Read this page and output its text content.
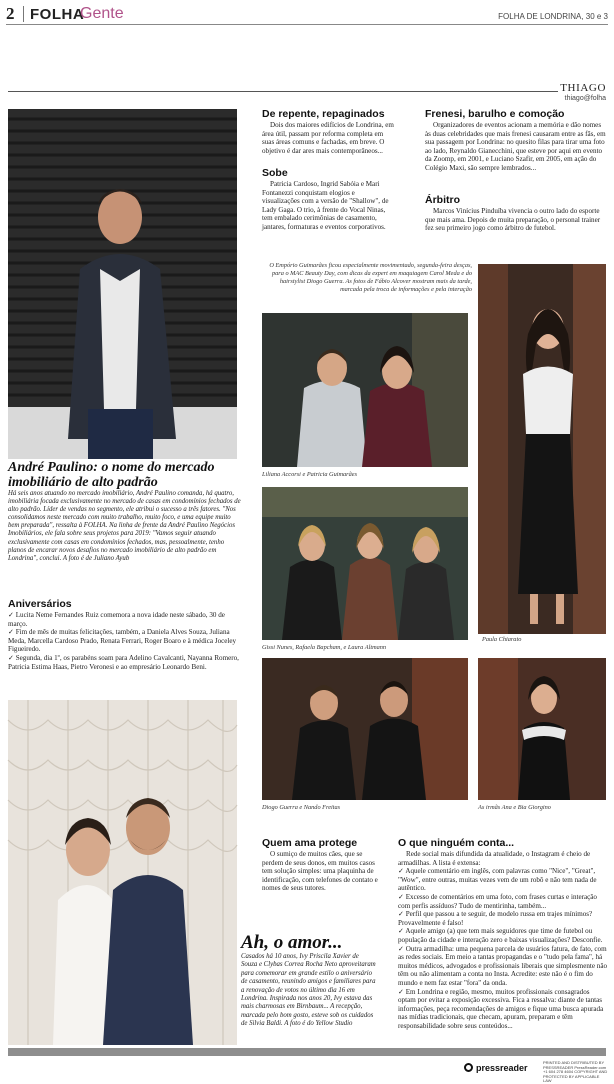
2 FOLHA
Gente	FOLHA DE LONDRINA, 30 e 3
THIAGO
thiago@folha
André Paulino: o nome do mercado imobiliário de alto padrão
Há seis anos atuando no mercado imobiliário, André Paulino comanda, há quatro, imobiliária focada exclusivamente no mercado de casas em condomínios fechados de alto padrão. Líder de vendas no segmento, ele atribui o sucesso a três fatores. "Nos consolidamos neste mercado com muito trabalho, muito foco, e uma equipe muito bem preparada", ressalta à FOLHA. Na linha de frente da André Paulino Negócios Imobiliários, ele fala sobre seus projetos para 2019: "Vamos seguir atuando exclusivamente com casas em condomínios fechados, mas, pessoalmente, tenho planos de encarar novos desafios no mercado imobiliário de alto padrão em Londrina", conclui. A foto é de Juliano Ayub
Aniversários
✓ Lucita Neme Fernandes Ruiz comemora a nova idade neste sábado, 30 de março.
✓ Fim de mês de muitas felicitações, também, a Daniela Alves Souza, Juliana Meda, Marcella Cardoso Prado, Renata Ferrari, Roger Boaro e à médica Joceley Figueiredo.
✓ Segunda, dia 1º, os parabéns soam para Adelino Cavalcanti, Nayanna Romero, Patricia Estima Haas, Pietro Veronesi e ao empresário Leonardo Beni.
De repente, repaginados

Dois dos maiores edifícios de Londrina, em área útil, passam por reforma completa em suas áreas comuns e fachadas, em breve. O objetivo é dar ares mais contemporâneos...

Sobe

Patricia Cardoso, Ingrid Sabóia e Mari Fontanezzi conquistam elogios e visualizações com a versão de "Shallow", de Lady Gaga. O trio, à frente do Vocal Ninas, tem embalado cerimônias de casamento, jantares, formaturas e eventos corporativos.

Frenesi, barulho e comoção

Organizadores de eventos acionam a memória e dão nomes às duas celebridades que mais frenesi causaram entre as fãs, em sua passagem por Londrina: no quesito filas para tirar uma foto ao lado, Reynaldo Gianecchini, que esteve por aqui em evento da Zoomp, em 2001, e Luciano Szafir, em 2005, em ação do Colégio Maxi, são sempre lembrados...

Árbitro

Marcos Vinícius Pinduíba vivencia o outro lado do esporte que mais ama. Depois de muita preparação, o personal trainer fez seu primeiro jogo como árbitro de futebol.

O Empório Guimarães ficou especialmente movimentado, segunda-feira desças, para o MAC Beauty Day, com dicas da expert em maquiagem Carol Meda e do hairstylist Diogo Guerra. As fotos de Fábio Alcover mostram mais da tarde, marcada pela troca de informações e pela interação
Liliana Accorsi e Patricia Guimarães
Paula Chiarato
Gissi Nunes, Rafaela Bapcham, e Laura Altmann
Diogo Guerra e Nando Freitas	As irmãs Ana e Bia Giorgino
Quem ama protege

O sumiço de muitos cães, que se perdem de seus donos, em muitos casos tem solução simples: uma plaquinha de identificação, com telefones de contato e nomes de seus tutores.

Ah, o amor...
Casados há 10 anos, Ivy Priscila Xavier de Souza e Clybas Correa Rocha Neto aproveitaram para comemorar em grande estilo o aniversário de casamento, reunindo amigos e familiares para a renovação de votos no último dia 16 em Londrina. Inspirada nos anos 20, Ivy estava das mais charmosas em Birnbaum... A recepção, marcada pelo bom gosto, esteve sob os cuidados de Silvia Baldi. A foto é do Yellow Studio
O que ninguém conta...

Rede social mais difundida da atualidade, o Instagram é cheio de armadilhas. A lista é extensa:

✓ Aquele comentário em inglês, com palavras como "Nice", "Great", "Wow", entre outras, muitas vezes vem de um robô e não tem nada de autêntico.
✓ Excesso de comentários em uma foto, com frases curtas e interação com perfis assíduos? Tudo de mentirinha, também...
✓ Perfil que passou a te seguir, de modelo russa em trajes mínimos? Provavelmente é falso!
✓ Aquele amigo (a) que tem mais seguidores que time de futebol ou população da cidade e interação zero e baixas visualizações? Desconfie.
✓ Outra armadilha: uma pequena parcela de usuários fatura, de fato, com as redes sociais. Em meio a tantas propagandas e o "tudo pela fama", há muitos médicos, advogados e profissionais liberais que simplesmente não têm ou não alimentam a conta no Insta. Acredite: este não é o fim do mundo e nem faz estar "fora" da onda.
✓ Em Londrina e região, mesmo, muitos profissionais consagrados optam por evitar a exposição excessiva. Fica a ressalva: diante de tantas informações, peça recomendações de amigos e fique uma busca apurada nas mídias tradicionais, que checam, apuram, preparam e têm responsabilidade sobre seus conteúdos...
pressreader
PRINTED AND DISTRIBUTED BY PRESSREADER PressReader.com +1 604 278 4604 COPYRIGHT AND PROTECTED BY APPLICABLE LAW
